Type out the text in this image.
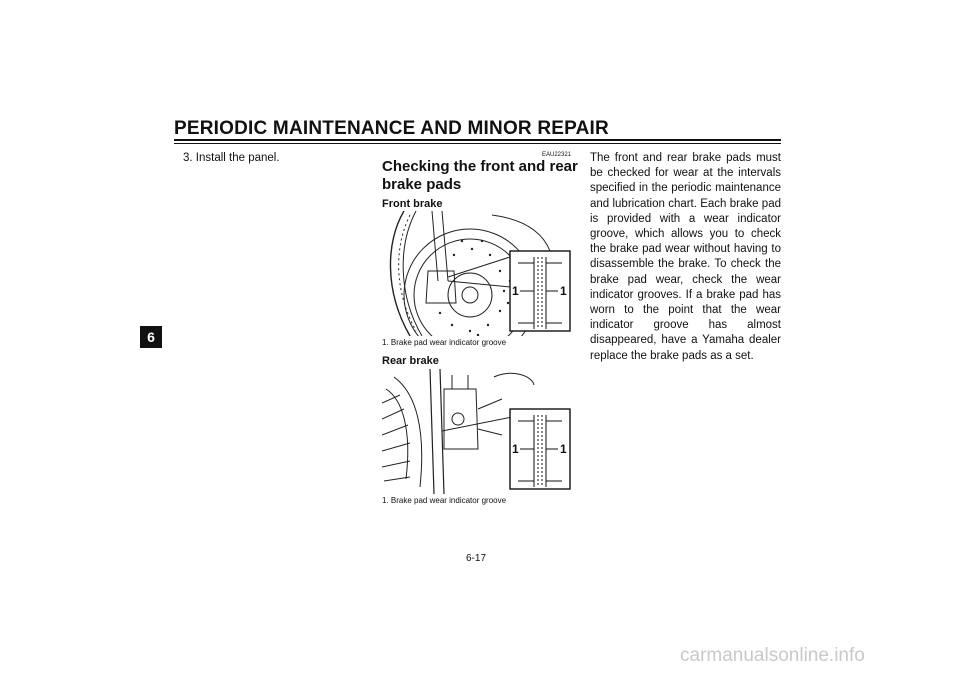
PERIODIC MAINTENANCE AND MINOR REPAIR
6
3. Install the panel.	EAU22321
Checking the front and rear brake pads
Front brake
1	1
1. Brake pad wear indicator groove
Rear brake
1	1
1. Brake pad wear indicator groove
The front and rear brake pads must be checked for wear at the intervals specified in the periodic maintenance and lubrication chart. Each brake pad is provided with a wear indicator groove, which allows you to check the brake pad wear without having to disassemble the brake. To check the brake pad wear, check the wear indicator grooves. If a brake pad has worn to the point that the wear indicator groove has almost disappeared, have a Yamaha dealer replace the brake pads as a set.
6-17
carmanualsonline.info
